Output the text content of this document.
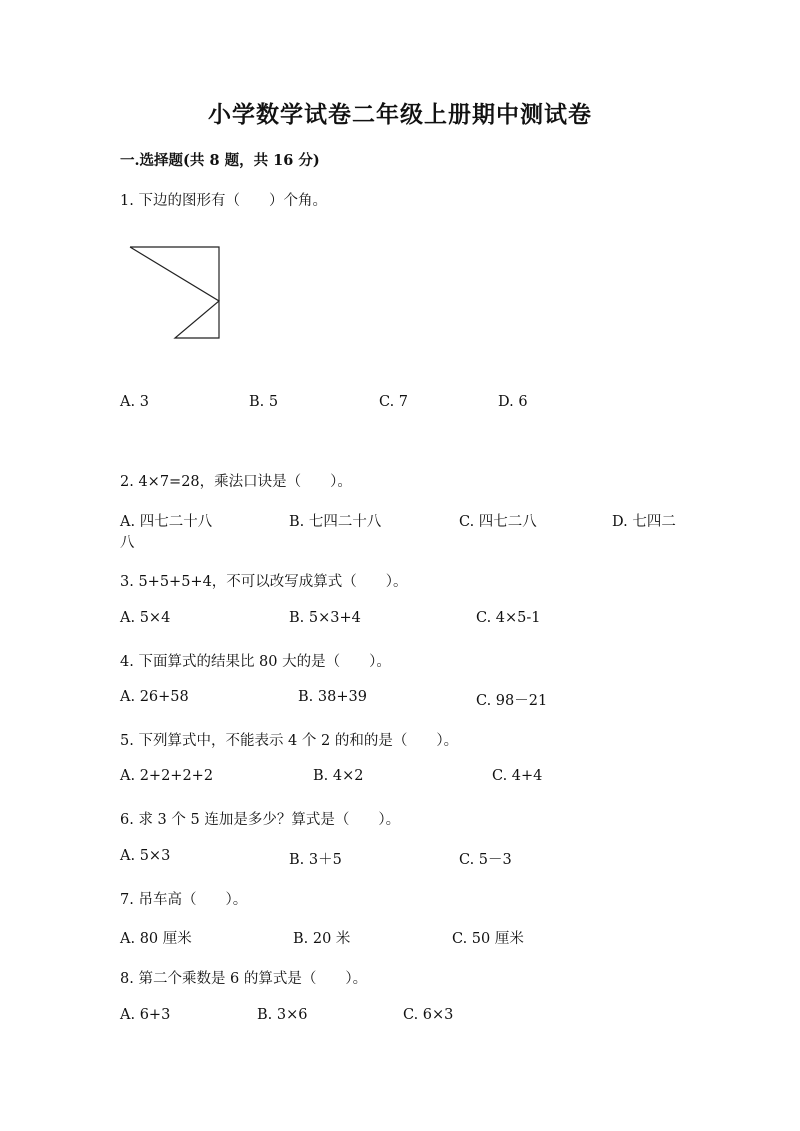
小学数学试卷二年级上册期中测试卷
一.选择题(共 8 题，共 16 分)
1. 下边的图形有（　　）个角。
A. 3	B. 5	C. 7	D. 6
2. 4×7=28，乘法口诀是（　　）。
A. 四七二十八	B. 七四二十八	C. 四七二八	D. 七四二
八
3. 5+5+5+4，不可以改写成算式（　　）。
A. 5×4	B. 5×3+4	C. 4×5-1
4. 下面算式的结果比 80 大的是（　　）。
A. 26+58	B. 38+39	C. 98－21
5. 下列算式中，不能表示 4 个 2 的和的是（　　）。
A. 2+2+2+2	B. 4×2	C. 4+4
6. 求 3 个 5 连加是多少？算式是（　　）。
A. 5×3	B. 3＋5	C. 5－3
7. 吊车高（　　）。
A. 80 厘米	B. 20 米	C. 50 厘米
8. 第二个乘数是 6 的算式是（　　）。
A. 6+3	B. 3×6	C. 6×3
